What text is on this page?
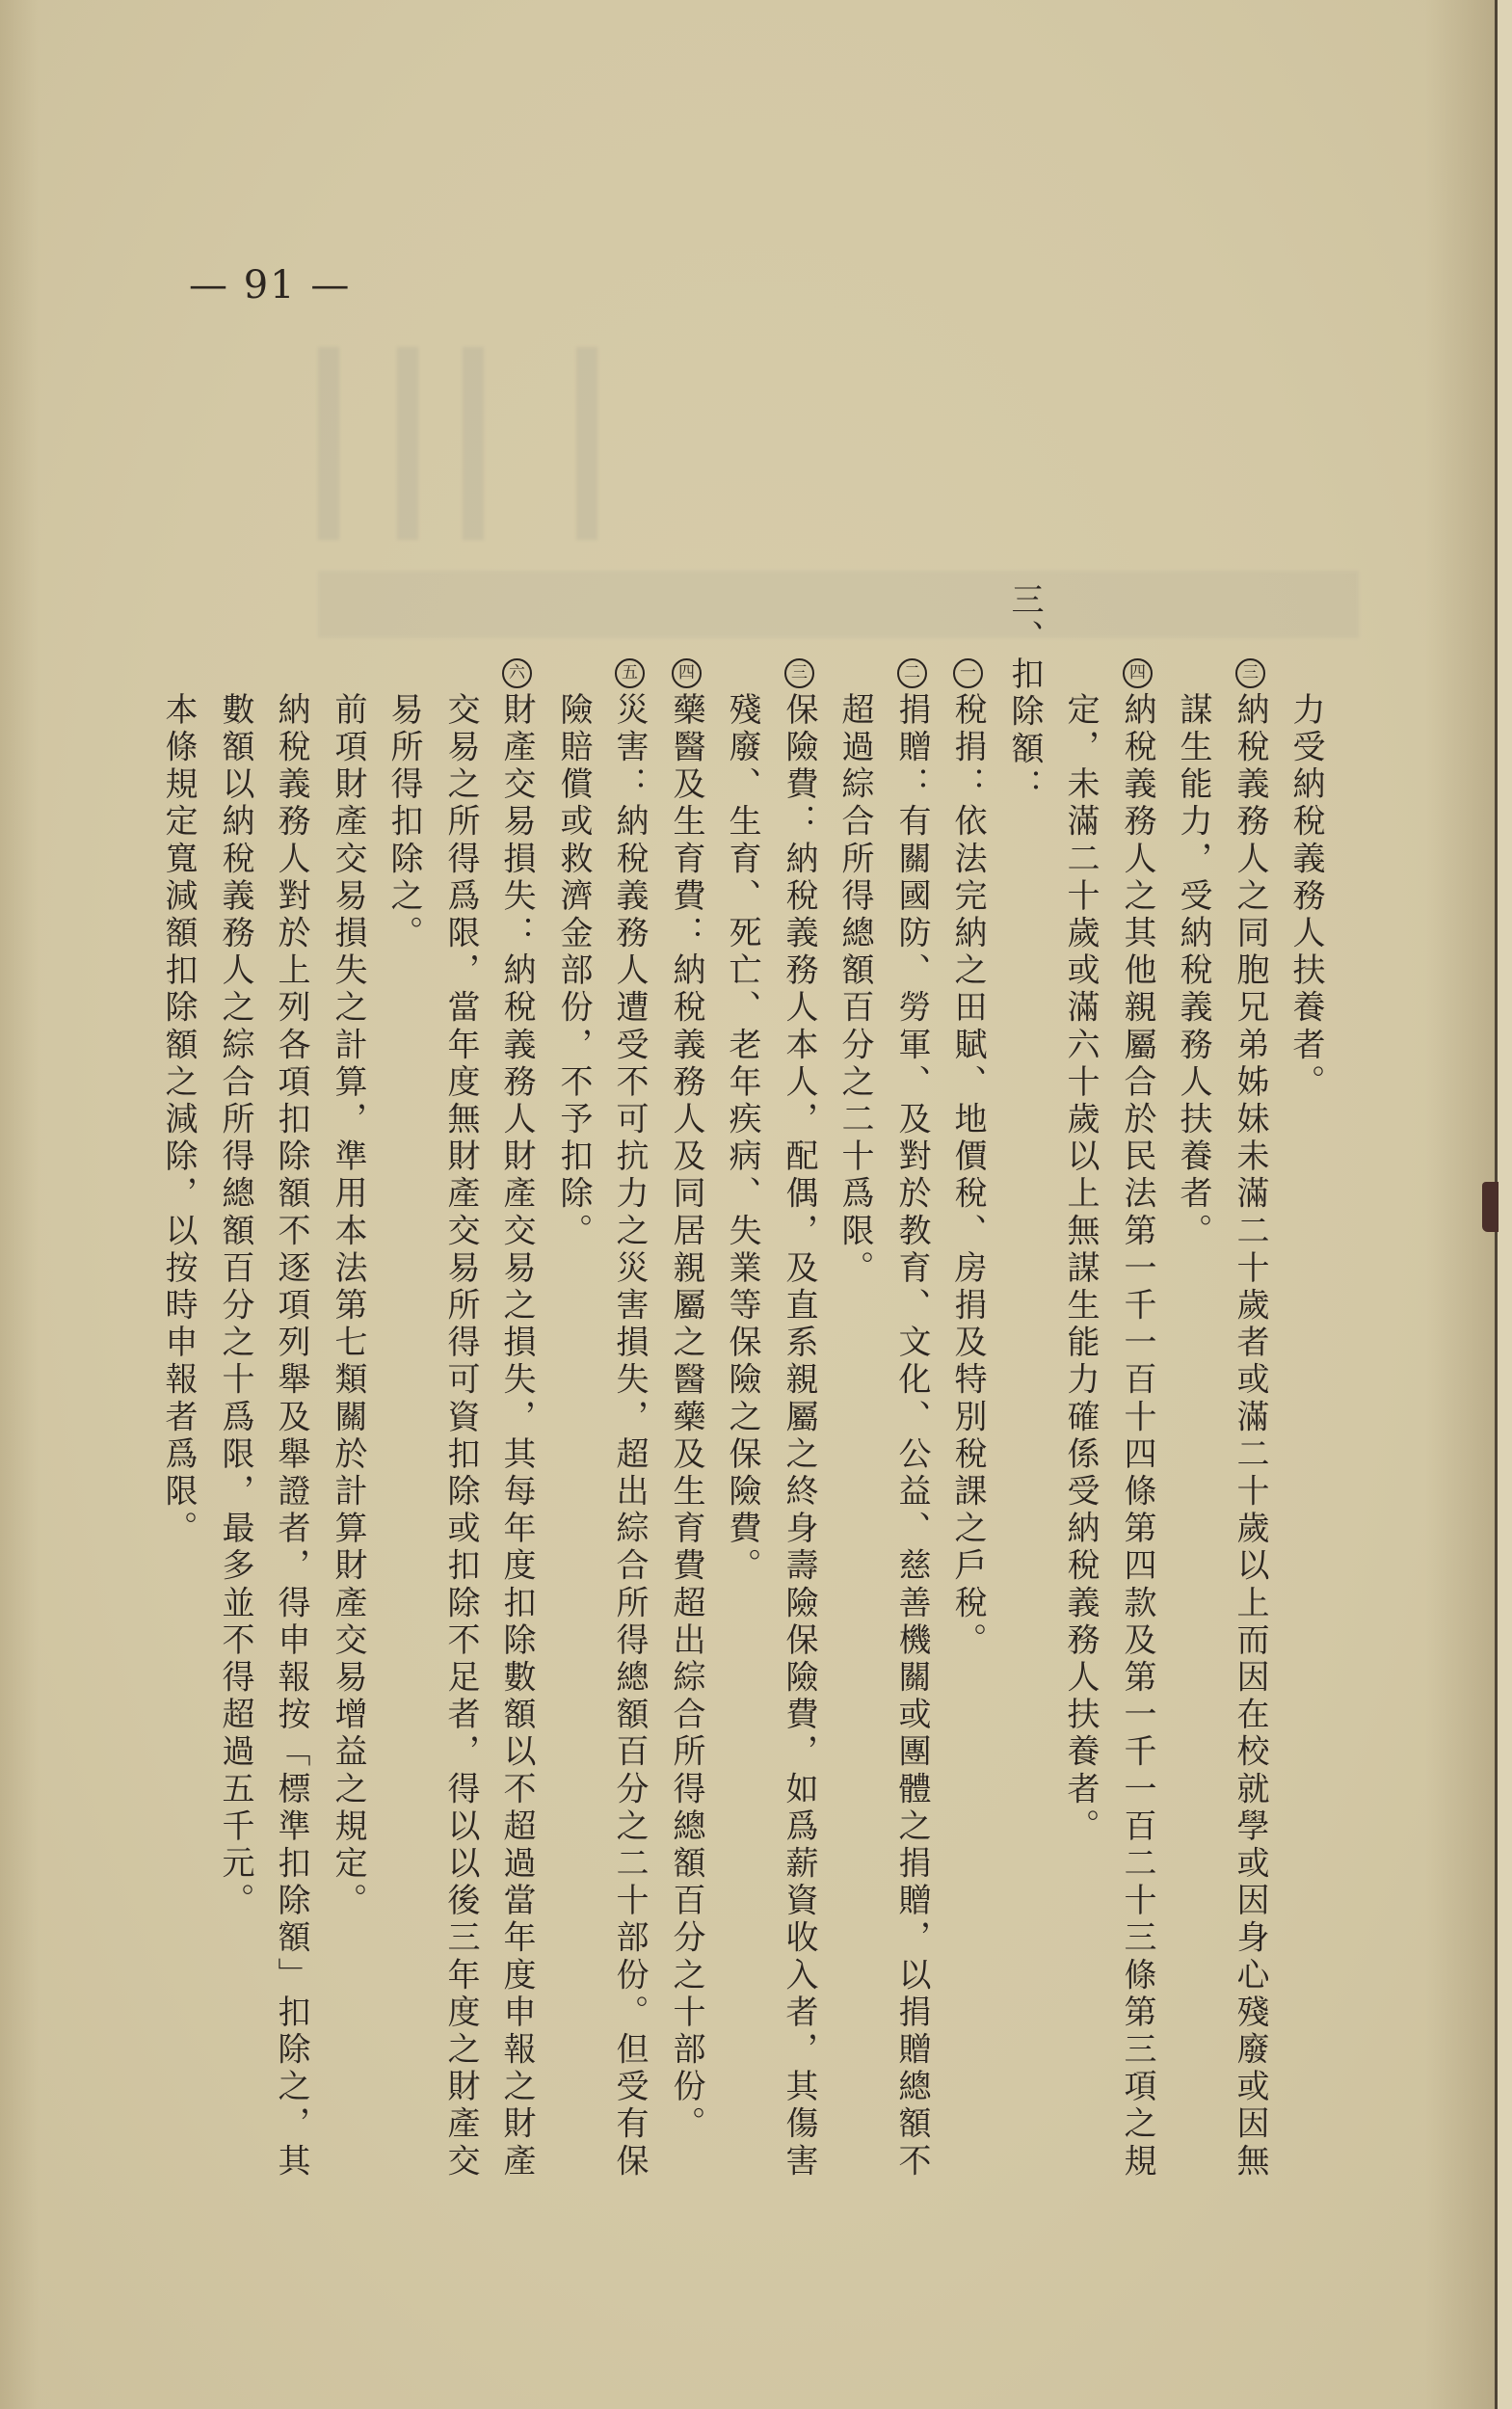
— 91 —
力受納稅義務人扶養者。
三
納稅義務人之同胞兄弟姊妹未滿二十歲者或滿二十歲以上而因在校就學或因身心殘廢或因無
謀生能力，受納稅義務人扶養者。
四
納稅義務人之其他親屬合於民法第一千一百十四條第四款及第一千一百二十三條第三項之規
定，未滿二十歲或滿六十歲以上無謀生能力確係受納稅義務人扶養者。
三、扣除額：
一
稅捐：依法完納之田賦、地價稅、房捐及特別稅課之戶稅。
二
捐贈：有關國防、勞軍、及對於教育、文化、公益、慈善機關或團體之捐贈，以捐贈總額不
超過綜合所得總額百分之二十爲限。
三
保險費：納稅義務人本人，配偶，及直系親屬之終身壽險保險費，如爲薪資收入者，其傷害
殘廢、生育、死亡、老年疾病、失業等保險之保險費。
四
藥醫及生育費：納稅義務人及同居親屬之醫藥及生育費超出綜合所得總額百分之十部份。
五
災害：納稅義務人遭受不可抗力之災害損失，超出綜合所得總額百分之二十部份。但受有保
險賠償或救濟金部份，不予扣除。
六
財產交易損失：納稅義務人財產交易之損失，其每年度扣除數額以不超過當年度申報之財產
交易之所得爲限，當年度無財產交易所得可資扣除或扣除不足者，得以以後三年度之財產交
易所得扣除之。
前項財產交易損失之計算，準用本法第七類關於計算財產交易增益之規定。
納稅義務人對於上列各項扣除額不逐項列舉及舉證者，得申報按「標準扣除額」扣除之，其
數額以納稅義務人之綜合所得總額百分之十爲限，最多並不得超過五千元。
本條規定寬減額扣除額之減除，以按時申報者爲限。
